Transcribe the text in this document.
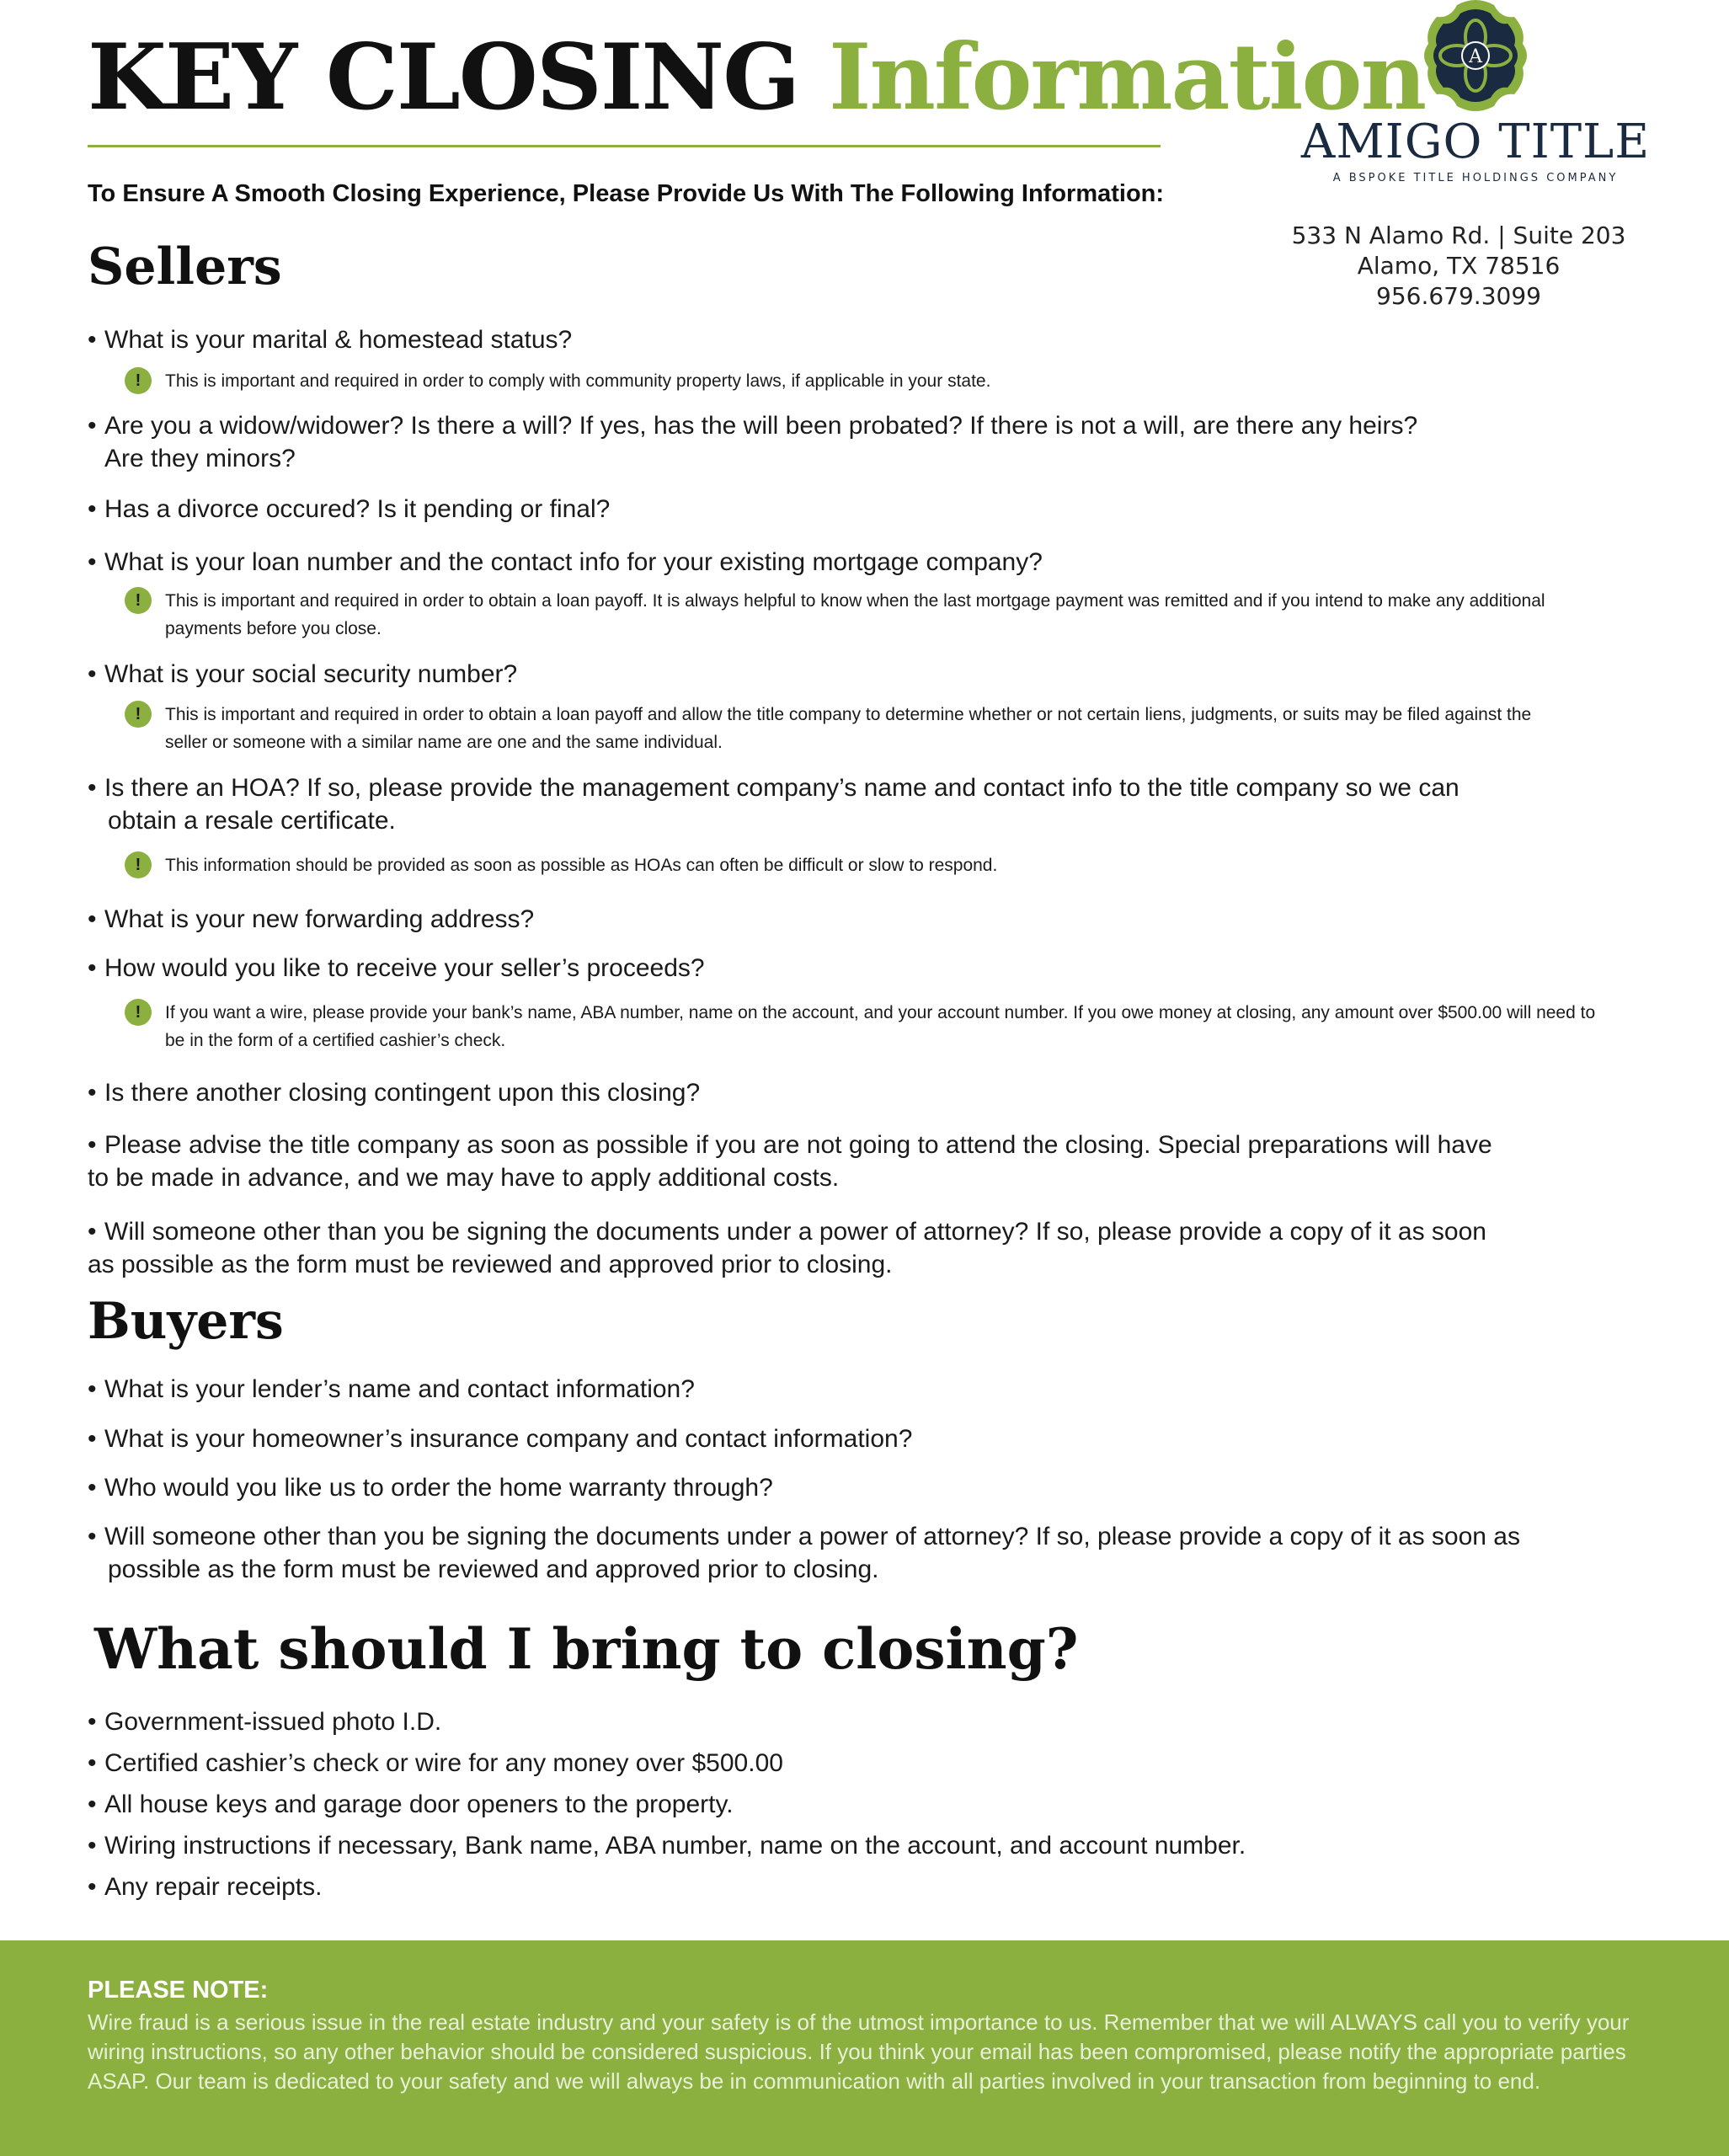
KEY CLOSING Information A
AMIGO TITLE
A BSPOKE TITLE HOLDINGS COMPANY
533 N Alamo Rd. | Suite 203
Alamo, TX 78516
956.679.3099
To Ensure A Smooth Closing Experience, Please Provide Us With The Following Information:
Sellers
• What is your marital & homestead status?
! This is important and required in order to comply with community property laws, if applicable in your state.
• Are you a widow/widower? Is there a will? If yes, has the will been probated? If there is not a will, are there any heirs?
Are they minors?
• Has a divorce occured? Is it pending or final?
• What is your loan number and the contact info for your existing mortgage company?
! This is important and required in order to obtain a loan payoff. It is always helpful to know when the last mortgage payment was remitted and if you intend to make any additional
payments before you close.
• What is your social security number?
! This is important and required in order to obtain a loan payoff and allow the title company to determine whether or not certain liens, judgments, or suits may be filed against the
seller or someone with a similar name are one and the same individual.
• Is there an HOA? If so, please provide the management company’s name and contact info to the title company so we can
obtain a resale certificate.
! This information should be provided as soon as possible as HOAs can often be difficult or slow to respond.
• What is your new forwarding address?
• How would you like to receive your seller’s proceeds?
! If you want a wire, please provide your bank’s name, ABA number, name on the account, and your account number. If you owe money at closing, any amount over $500.00 will need to
be in the form of a certified cashier’s check.
• Is there another closing contingent upon this closing?
• Please advise the title company as soon as possible if you are not going to attend the closing. Special preparations will have
to be made in advance, and we may have to apply additional costs.
• Will someone other than you be signing the documents under a power of attorney? If so, please provide a copy of it as soon
as possible as the form must be reviewed and approved prior to closing.
Buyers
• What is your lender’s name and contact information?
• What is your homeowner’s insurance company and contact information?
• Who would you like us to order the home warranty through?
• Will someone other than you be signing the documents under a power of attorney? If so, please provide a copy of it as soon as
possible as the form must be reviewed and approved prior to closing.
What should I bring to closing?
• Government-issued photo I.D.
• Certified cashier’s check or wire for any money over $500.00
• All house keys and garage door openers to the property.
• Wiring instructions if necessary, Bank name, ABA number, name on the account, and account number.
• Any repair receipts.
PLEASE NOTE:
Wire fraud is a serious issue in the real estate industry and your safety is of the utmost importance to us. Remember that we will ALWAYS call you to verify your wiring instructions, so any other behavior should be considered suspicious. If you think your email has been compromised, please notify the appropriate parties ASAP. Our team is dedicated to your safety and we will always be in communication with all parties involved in your transaction from beginning to end.
